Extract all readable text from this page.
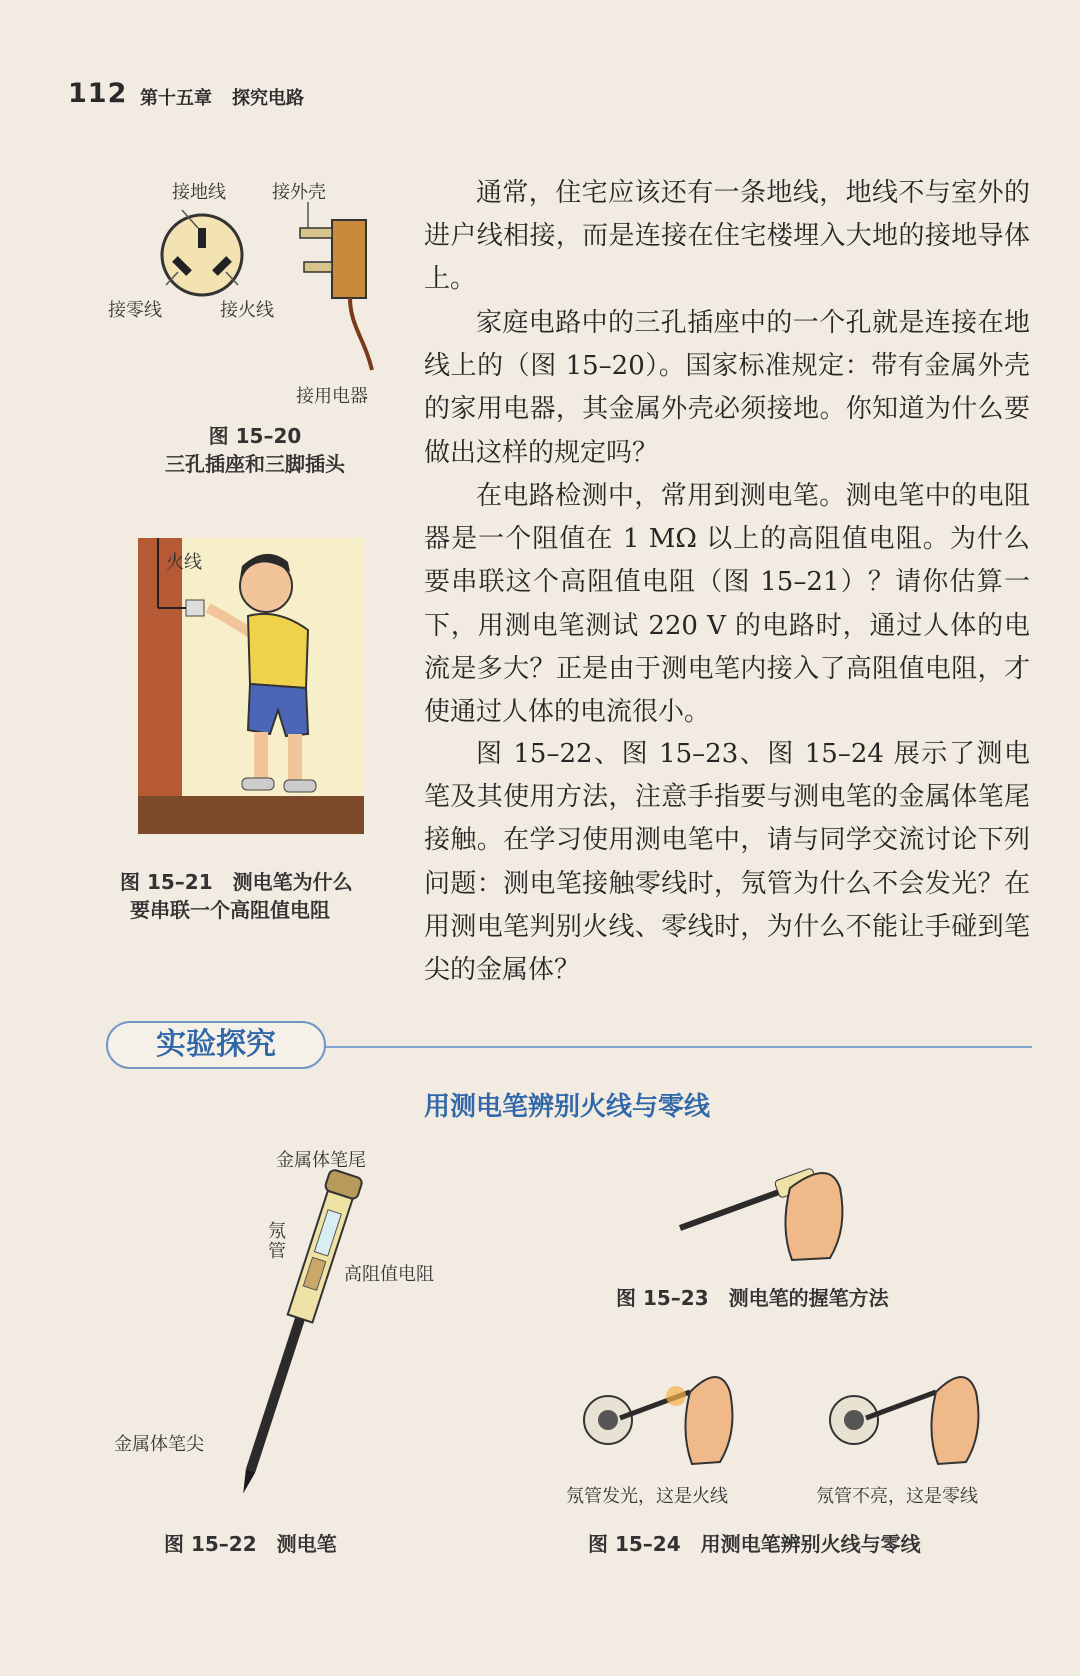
112 第十五章 探究电路

通常，住宅应该还有一条地线，地线不与室外的进户线相接，而是连接在住宅楼埋入大地的接地导体上。

家庭电路中的三孔插座中的一个孔就是连接在地线上的（图 15–20）。国家标准规定：带有金属外壳的家用电器，其金属外壳必须接地。你知道为什么要做出这样的规定吗？

在电路检测中，常用到测电笔。测电笔中的电阻器是一个阻值在 1 MΩ 以上的高阻值电阻。为什么要串联这个高阻值电阻（图 15–21）？请你估算一下，用测电笔测试 220 V 的电路时，通过人体的电流是多大？正是由于测电笔内接入了高阻值电阻，才使通过人体的电流很小。

图 15–22、图 15–23、图 15–24 展示了测电笔及其使用方法，注意手指要与测电笔的金属体笔尾接触。在学习使用测电笔中，请与同学交流讨论下列问题：测电笔接触零线时，氖管为什么不会发光？在用测电笔判别火线、零线时，为什么不能让手碰到笔尖的金属体？

接地线	接外壳
接零线	接火线
接用电器
图 15–20
三孔插座和三脚插头
火线
图 15–21　测电笔为什么
要串联一个高阻值电阻
实验探究
用测电笔辨别火线与零线
金属体笔尾
氖管
高阻值电阻
金属体笔尖
图 15–22　测电笔
图 15–23　测电笔的握笔方法
氖管发光，这是火线	氖管不亮，这是零线
图 15–24　用测电笔辨别火线与零线
